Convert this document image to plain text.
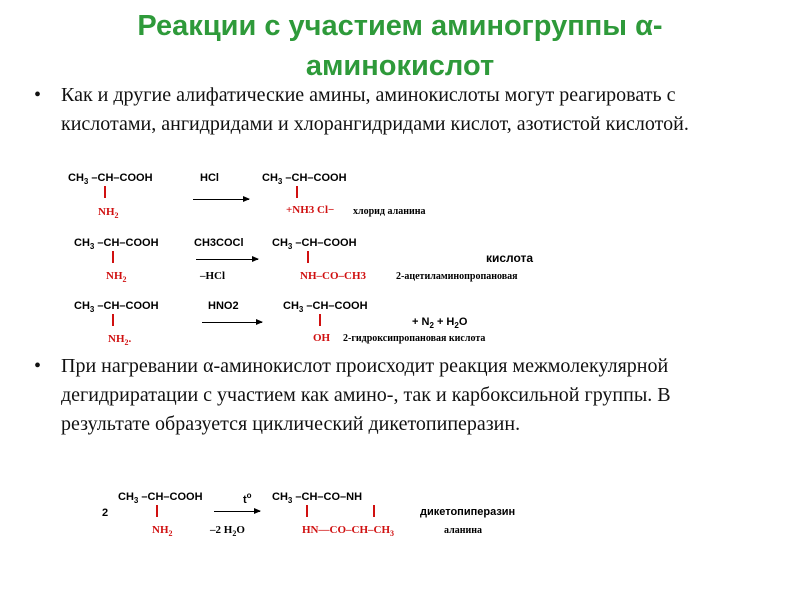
Реакции с участием аминогруппы α-
аминокислот
• Как и другие алифатические амины, аминокислоты могут реагировать с кислотами, ангидридами и хлорангидридами кислот, азотистой кислотой.
$CH_3$ –CH–COOH
$NH_2$
HCl	$CH_3$ –CH–COOH
+NH3 Cl− хлорид аланина
$CH_3$ –CH–COOH
$NH_2$
CH3COCl
–HCl
$CH_3$ –CH–COOH
NH–CO–CH3
кислота
2-ацетиламинопропановая
$CH_3$ –CH–COOH
$NH_2$.
HNO2	$CH_3$ –CH–COOH
OH
+ $N_2 + H_2O$
2-гидроксипропановая кислота
• При нагревании α-аминокислот происходит реакция межмолекулярной дегидриратации с участием как амино-, так и карбоксильной группы. В результате образуется циклический дикетопиперазин.
2
$CH_3$ –CH–COOH
$NH_2$
$t^o$
–2 $H_2O$
$CH_3$ –CH–CO–NH
$HN—CO-CH-CH_3$
дикетопиперазин
аланина
